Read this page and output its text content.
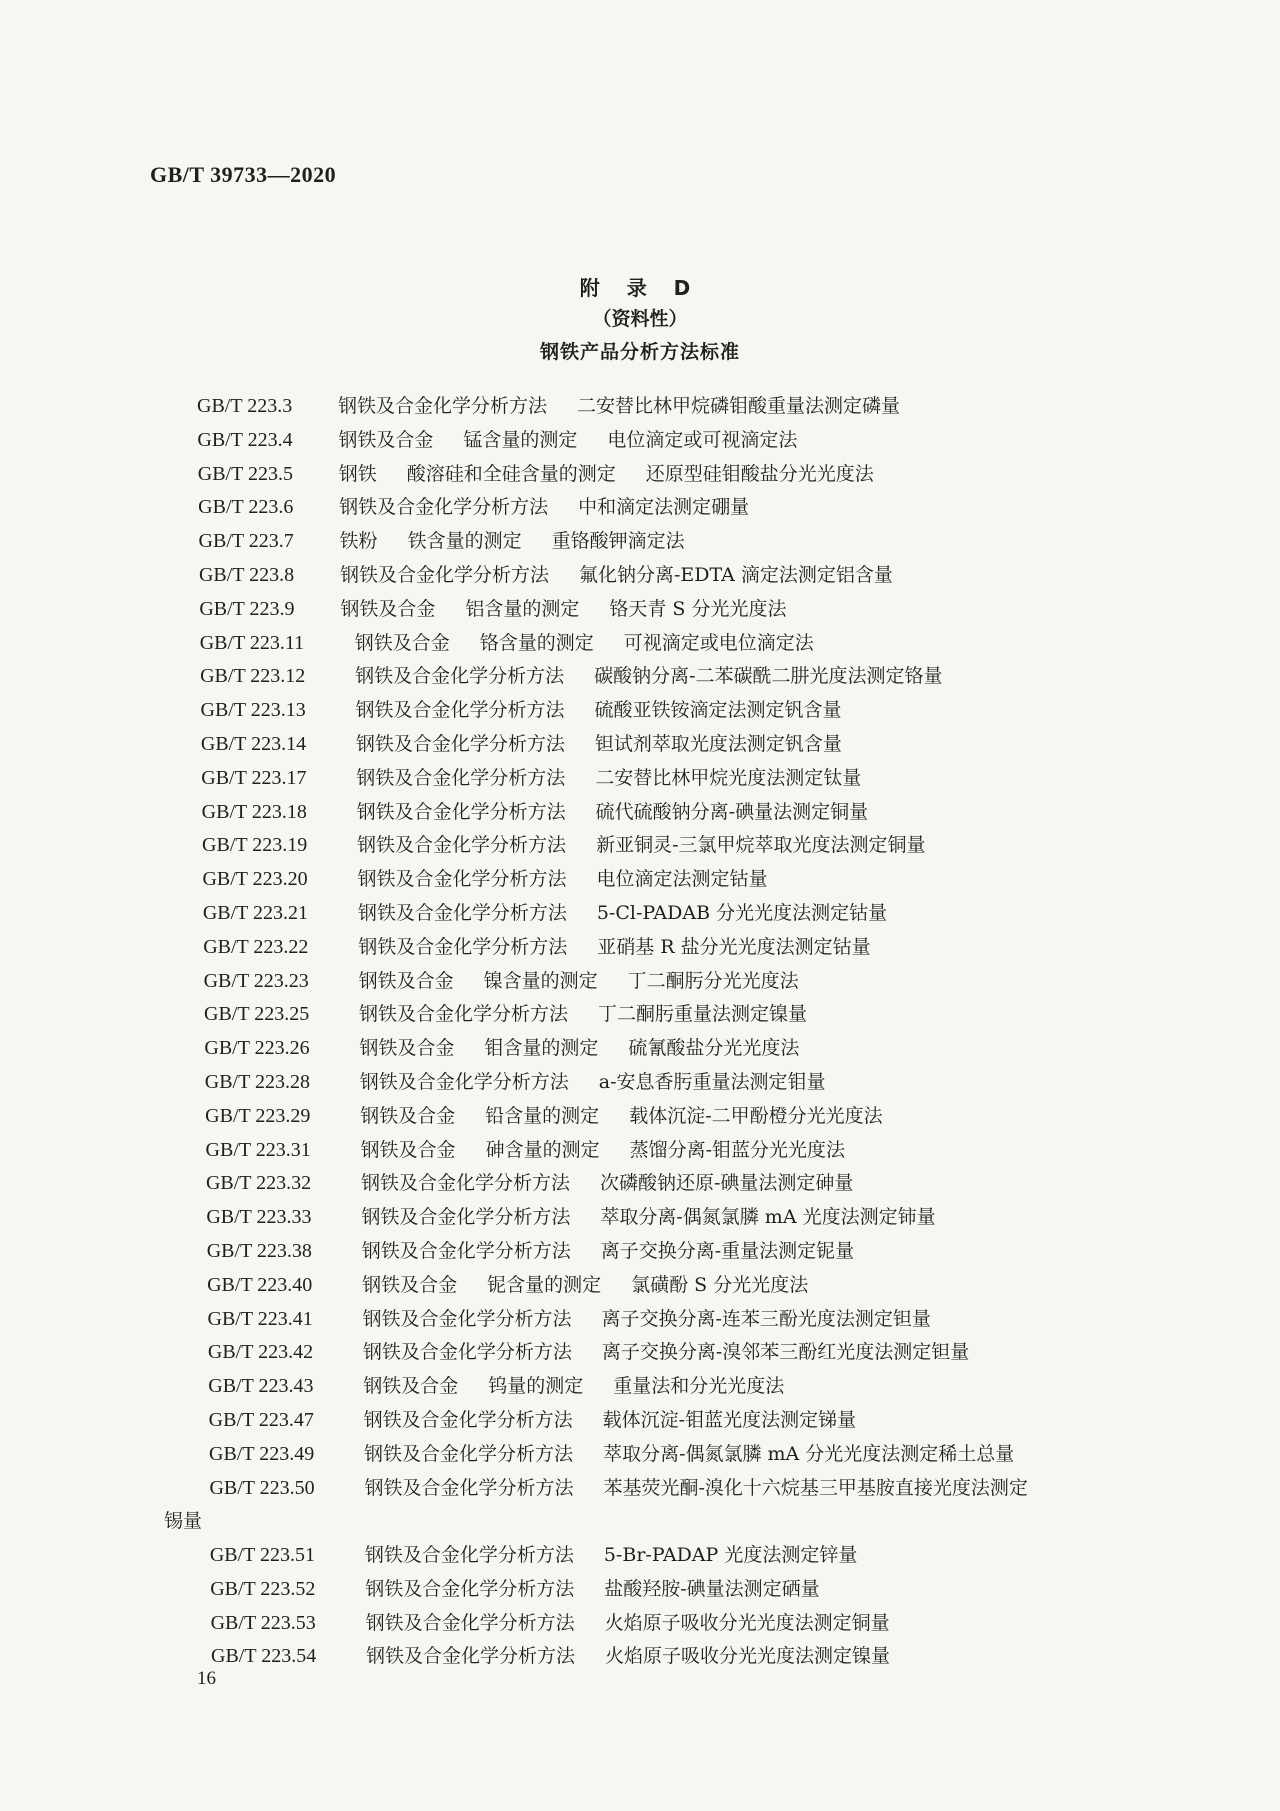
GB/T 39733—2020
附 录 D
（资料性）
钢铁产品分析方法标准
GB/T 223.3 钢铁及合金化学分析方法 二安替比林甲烷磷钼酸重量法测定磷量
GB/T 223.4 钢铁及合金 锰含量的测定 电位滴定或可视滴定法
GB/T 223.5 钢铁 酸溶硅和全硅含量的测定 还原型硅钼酸盐分光光度法
GB/T 223.6 钢铁及合金化学分析方法 中和滴定法测定硼量
GB/T 223.7 铁粉 铁含量的测定 重铬酸钾滴定法
GB/T 223.8 钢铁及合金化学分析方法 氟化钠分离-EDTA 滴定法测定铝含量
GB/T 223.9 钢铁及合金 铝含量的测定 铬天青 S 分光光度法
GB/T 223.11	钢铁及合金 铬含量的测定 可视滴定或电位滴定法
GB/T 223.12	钢铁及合金化学分析方法 碳酸钠分离-二苯碳酰二肼光度法测定铬量
GB/T 223.13	钢铁及合金化学分析方法 硫酸亚铁铵滴定法测定钒含量
GB/T 223.14	钢铁及合金化学分析方法 钽试剂萃取光度法测定钒含量
GB/T 223.17	钢铁及合金化学分析方法 二安替比林甲烷光度法测定钛量
GB/T 223.18	钢铁及合金化学分析方法 硫代硫酸钠分离-碘量法测定铜量
GB/T 223.19	钢铁及合金化学分析方法 新亚铜灵-三氯甲烷萃取光度法测定铜量
GB/T 223.20	钢铁及合金化学分析方法 电位滴定法测定钴量
GB/T 223.21	钢铁及合金化学分析方法 5-Cl-PADAB 分光光度法测定钴量
GB/T 223.22	钢铁及合金化学分析方法 亚硝基 R 盐分光光度法测定钴量
GB/T 223.23	钢铁及合金 镍含量的测定 丁二酮肟分光光度法
GB/T 223.25	钢铁及合金化学分析方法 丁二酮肟重量法测定镍量
GB/T 223.26	钢铁及合金 钼含量的测定 硫氰酸盐分光光度法
GB/T 223.28	钢铁及合金化学分析方法 a-安息香肟重量法测定钼量
GB/T 223.29	钢铁及合金 铅含量的测定 载体沉淀-二甲酚橙分光光度法
GB/T 223.31	钢铁及合金 砷含量的测定 蒸馏分离-钼蓝分光光度法
GB/T 223.32	钢铁及合金化学分析方法 次磷酸钠还原-碘量法测定砷量
GB/T 223.33	钢铁及合金化学分析方法 萃取分离-偶氮氯膦 mA 光度法测定铈量
GB/T 223.38	钢铁及合金化学分析方法 离子交换分离-重量法测定铌量
GB/T 223.40	钢铁及合金 铌含量的测定 氯磺酚 S 分光光度法
GB/T 223.41	钢铁及合金化学分析方法 离子交换分离-连苯三酚光度法测定钽量
GB/T 223.42	钢铁及合金化学分析方法 离子交换分离-溴邻苯三酚红光度法测定钽量
GB/T 223.43	钢铁及合金 钨量的测定 重量法和分光光度法
GB/T 223.47	钢铁及合金化学分析方法 载体沉淀-钼蓝光度法测定锑量
GB/T 223.49	钢铁及合金化学分析方法 萃取分离-偶氮氯膦 mA 分光光度法测定稀土总量
GB/T 223.50	钢铁及合金化学分析方法 苯基荧光酮-溴化十六烷基三甲基胺直接光度法测定
锡量
GB/T 223.51	钢铁及合金化学分析方法 5-Br-PADAP 光度法测定锌量
GB/T 223.52	钢铁及合金化学分析方法 盐酸羟胺-碘量法测定硒量
GB/T 223.53	钢铁及合金化学分析方法 火焰原子吸收分光光度法测定铜量
GB/T 223.54	钢铁及合金化学分析方法 火焰原子吸收分光光度法测定镍量
16
